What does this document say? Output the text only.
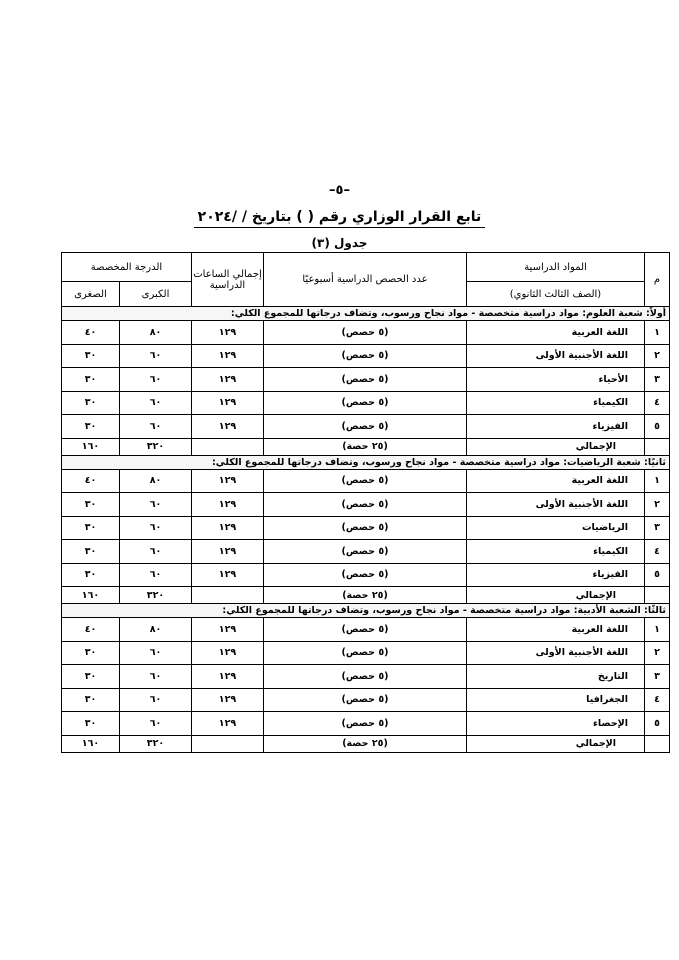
–٥–
تابع القرار الوزاري رقم ( ) بتاريخ / /٢٠٢٤
جدول (٣)
م	المواد الدراسية	عدد الحصص الدراسية أسبوعيًا	إجمالي الساعات الدراسية	الدرجة المخصصة	
	(الصف الثالث الثانوي)			الكبرى	الصغرى
أولاً: شعبة العلوم: مواد دراسية متخصصة - مواد نجاح ورسوب، وتضاف درجاتها للمجموع الكلي:					
١	اللغة العربية	(٥ حصص)	١٢٩	٨٠	٤٠
٢	اللغة الأجنبية الأولى	(٥ حصص)	١٢٩	٦٠	٣٠
٣	الأحياء	(٥ حصص)	١٢٩	٦٠	٣٠
٤	الكيمياء	(٥ حصص)	١٢٩	٦٠	٣٠
٥	الفيزياء	(٥ حصص)	١٢٩	٦٠	٣٠
	الإجمالي	(٢٥ حصة)		٣٢٠	١٦٠
ثانيًا: شعبة الرياضيات: مواد دراسية متخصصة - مواد نجاح ورسوب، وتضاف درجاتها للمجموع الكلي:					
١	اللغة العربية	(٥ حصص)	١٢٩	٨٠	٤٠
٢	اللغة الأجنبية الأولى	(٥ حصص)	١٢٩	٦٠	٣٠
٣	الرياضيات	(٥ حصص)	١٢٩	٦٠	٣٠
٤	الكيمياء	(٥ حصص)	١٢٩	٦٠	٣٠
٥	الفيزياء	(٥ حصص)	١٢٩	٦٠	٣٠
	الإجمالي	(٢٥ حصة)		٣٢٠	١٦٠
ثالثًا: الشعبة الأدبية: مواد دراسية متخصصة - مواد نجاح ورسوب، وتضاف درجاتها للمجموع الكلي:					
١	اللغة العربية	(٥ حصص)	١٢٩	٨٠	٤٠
٢	اللغة الأجنبية الأولى	(٥ حصص)	١٢٩	٦٠	٣٠
٣	التاريخ	(٥ حصص)	١٢٩	٦٠	٣٠
٤	الجغرافيا	(٥ حصص)	١٢٩	٦٠	٣٠
٥	الإحصاء	(٥ حصص)	١٢٩	٦٠	٣٠
	الإجمالي	(٢٥ حصة)		٣٢٠	١٦٠
